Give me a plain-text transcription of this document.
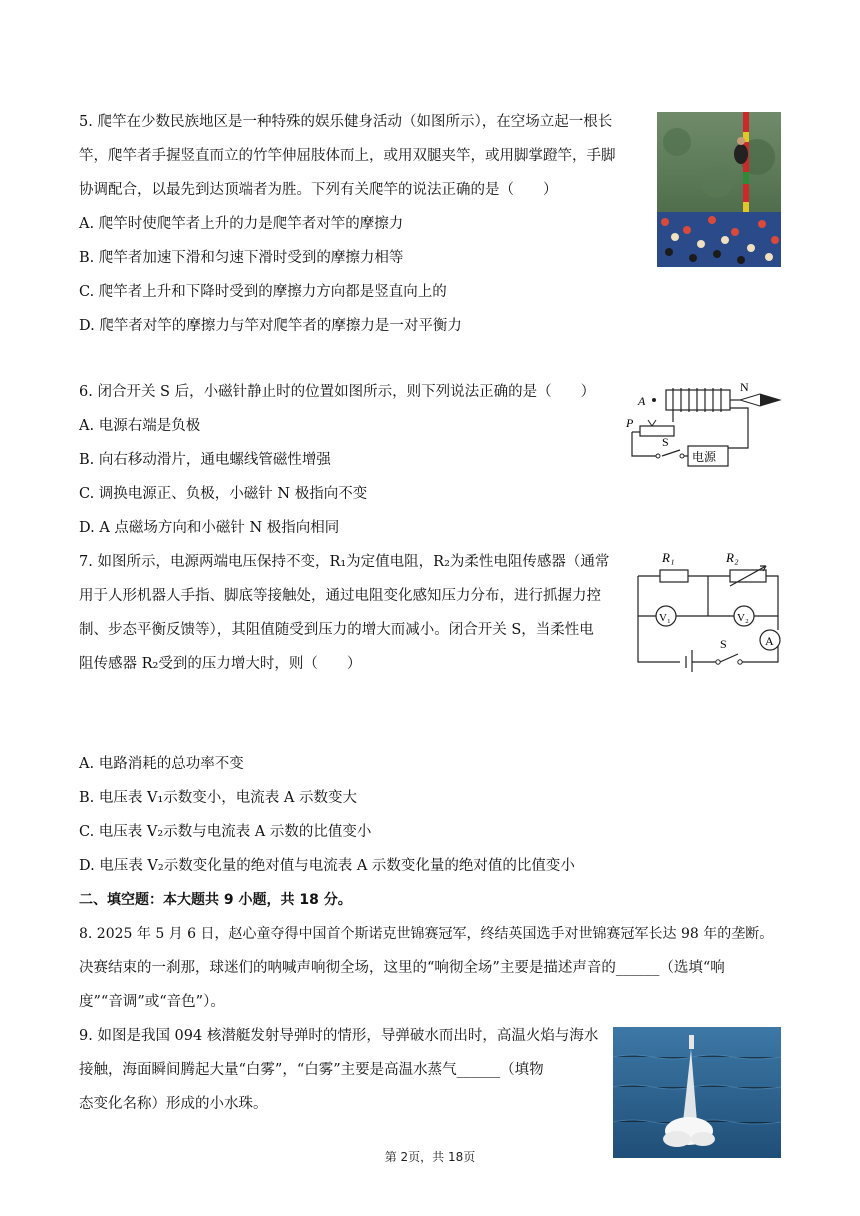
5. 爬竿在少数民族地区是一种特殊的娱乐健身活动（如图所示），在空场立起一根长
竿，爬竿者手握竖直而立的竹竿伸屈肢体而上，或用双腿夹竿，或用脚掌蹬竿，手脚
协调配合，以最先到达顶端者为胜。下列有关爬竿的说法正确的是（　　）
A. 爬竿时使爬竿者上升的力是爬竿者对竿的摩擦力
B. 爬竿者加速下滑和匀速下滑时受到的摩擦力相等
C. 爬竿者上升和下降时受到的摩擦力方向都是竖直向上的
D. 爬竿者对竿的摩擦力与竿对爬竿者的摩擦力是一对平衡力
6. 闭合开关 S 后，小磁针静止时的位置如图所示，则下列说法正确的是（　　）
A. 电源右端是负极
B. 向右移动滑片，通电螺线管磁性增强
C. 调换电源正、负极，小磁针 N 极指向不变
D. A 点磁场方向和小磁针 N 极指向相同
A
N
P
S
电源
7. 如图所示，电源两端电压保持不变，R₁为定值电阻，R₂为柔性电阻传感器（通常
用于人形机器人手指、脚底等接触处，通过电阻变化感知压力分布，进行抓握力控
制、步态平衡反馈等），其阻值随受到压力的增大而减小。闭合开关 S，当柔性电
阻传感器 R₂受到的压力增大时，则（　　）
A. 电路消耗的总功率不变
B. 电压表 V₁示数变小，电流表 A 示数变大
C. 电压表 V₂示数与电流表 A 示数的比值变小
D. 电压表 V₂示数变化量的绝对值与电流表 A 示数变化量的绝对值的比值变小
R₁	R₂
V₁	V₂
A
S
二、填空题：本大题共 9 小题，共 18 分。
8. 2025 年 5 月 6 日，赵心童夺得中国首个斯诺克世锦赛冠军，终结英国选手对世锦赛冠军长达 98 年的垄断。
决赛结束的一刹那，球迷们的呐喊声响彻全场，这里的“响彻全场”主要是描述声音的______（选填“响
度”“音调”或“音色”）。
9. 如图是我国 094 核潜艇发射导弹时的情形，导弹破水而出时，高温火焰与海水
接触，海面瞬间腾起大量“白雾”，“白雾”主要是高温水蒸气______（填物
态变化名称）形成的小水珠。
第 2页，共 18页
